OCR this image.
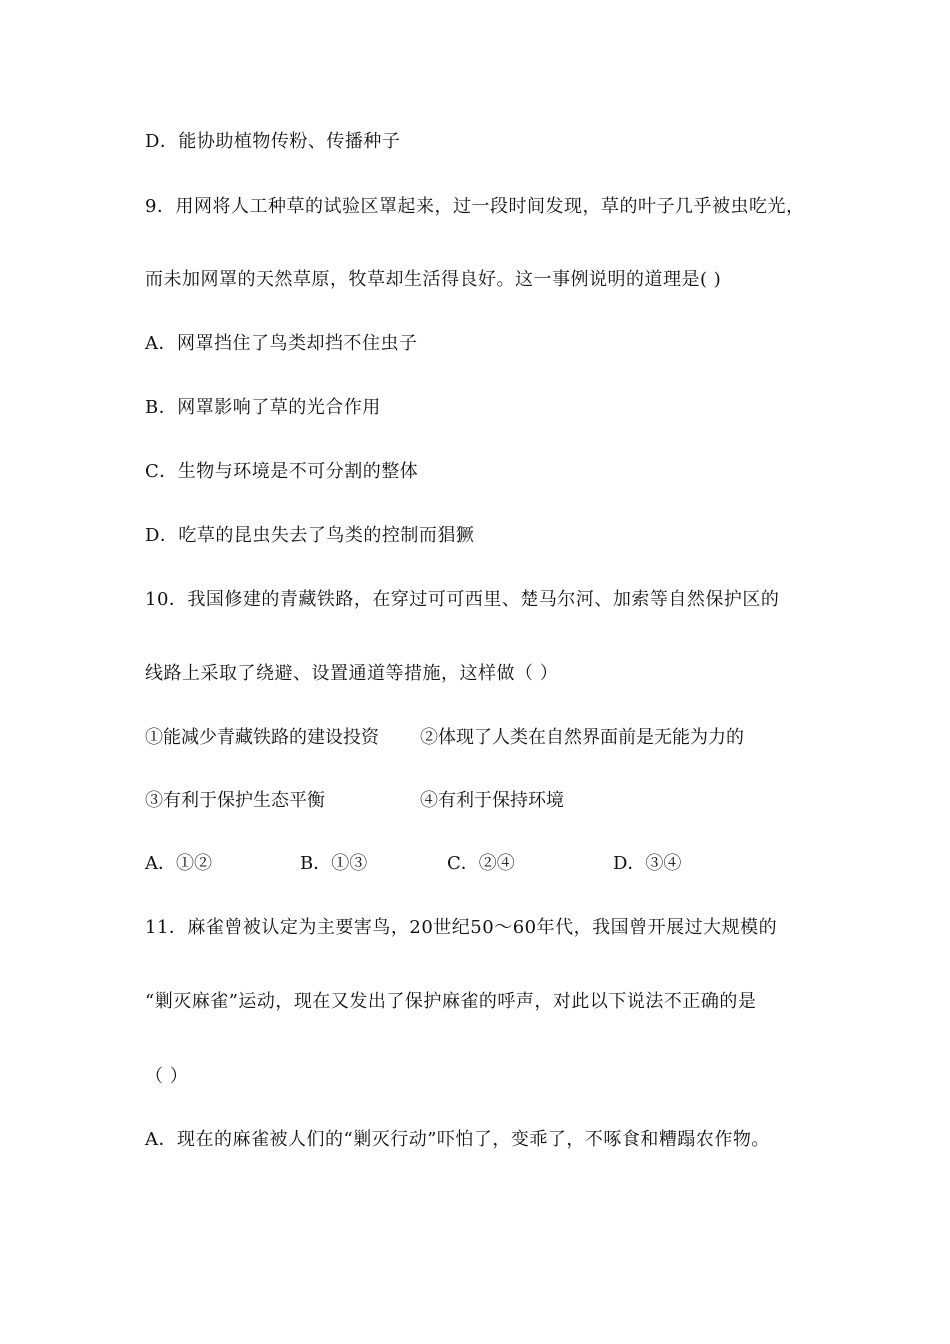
D．能协助植物传粉、传播种子
9．用网将人工种草的试验区罩起来，过一段时间发现，草的叶子几乎被虫吃光，
而未加网罩的天然草原，牧草却生活得良好。这一事例说明的道理是( )
A．网罩挡住了鸟类却挡不住虫子
B．网罩影响了草的光合作用
C．生物与环境是不可分割的整体
D．吃草的昆虫失去了鸟类的控制而猖獗
10．我国修建的青藏铁路，在穿过可可西里、楚马尔河、加索等自然保护区的
线路上采取了绕避、设置通道等措施，这样做（ ）
①能减少青藏铁路的建设投资 ②体现了人类在自然界面前是无能为力的
③有利于保护生态平衡	④有利于保持环境
A．①②	B．①③	C．②④	D．③④
11．麻雀曾被认定为主要害鸟，20世纪50～60年代，我国曾开展过大规模的
“剿灭麻雀”运动，现在又发出了保护麻雀的呼声，对此以下说法不正确的是
（ ）
A．现在的麻雀被人们的“剿灭行动”吓怕了，变乖了，不啄食和糟蹋农作物。
